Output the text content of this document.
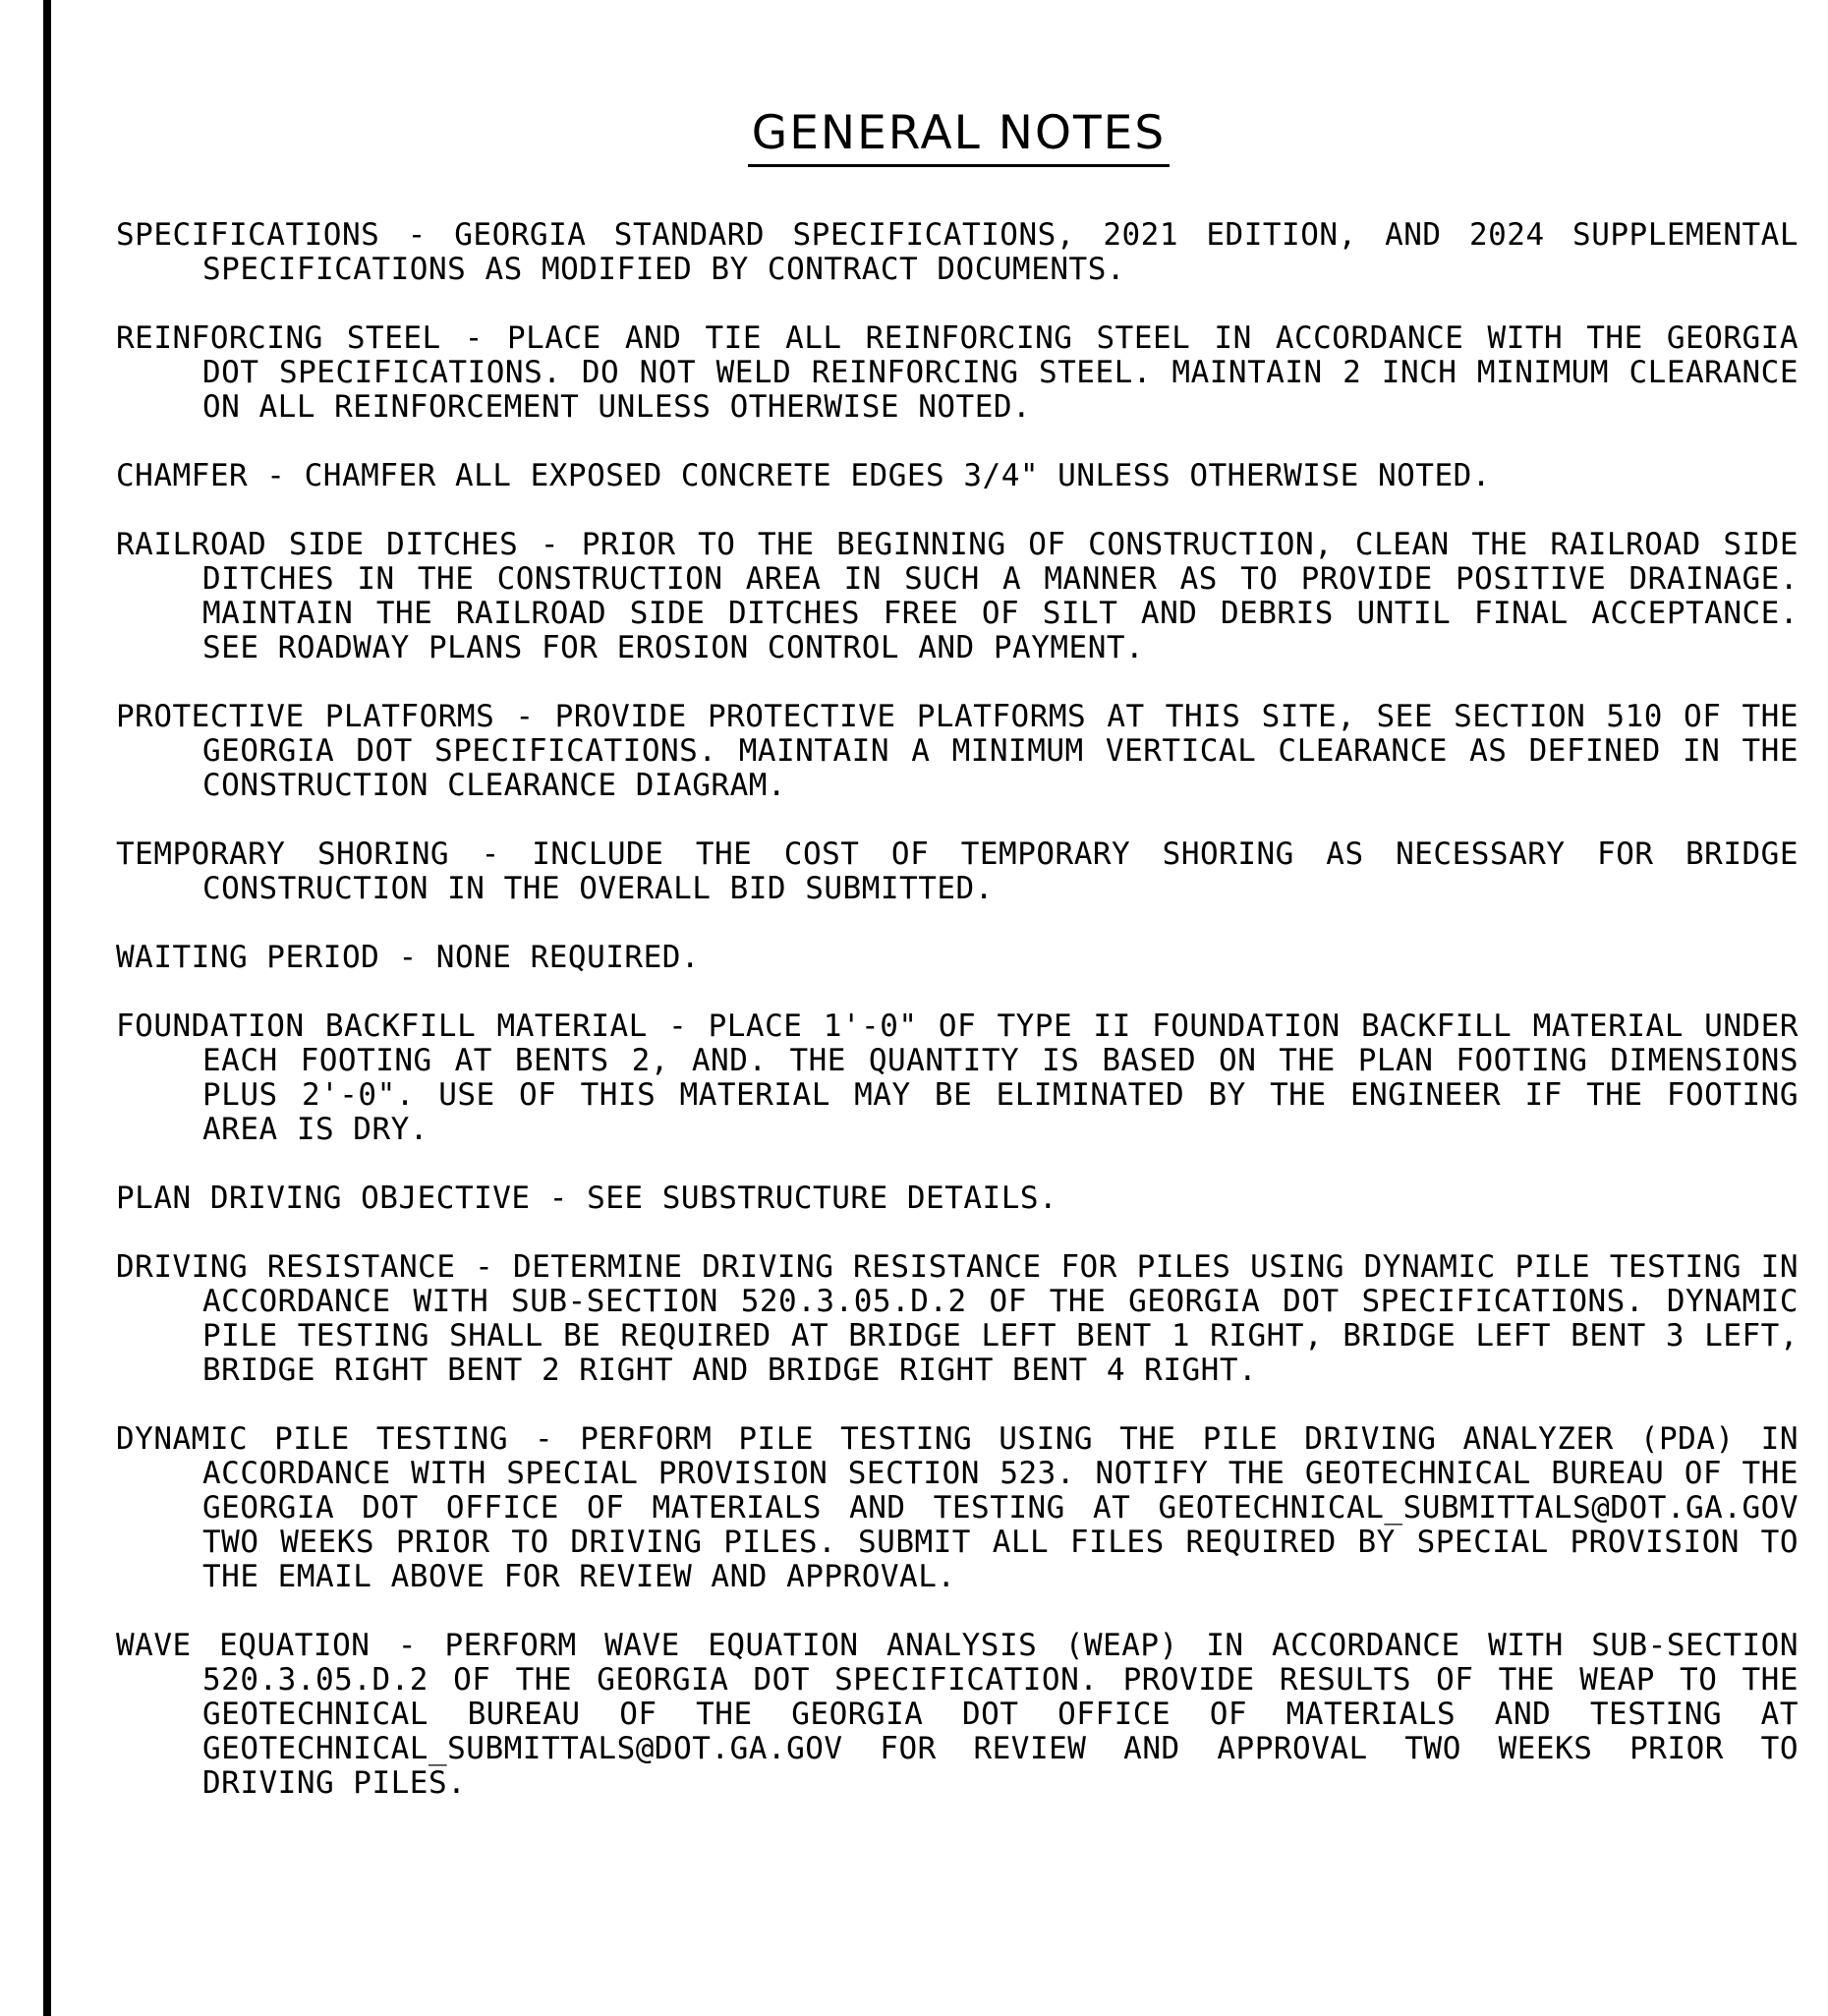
GENERAL NOTES

SPECIFICATIONS - GEORGIA STANDARD SPECIFICATIONS, 2021 EDITION, AND 2024 SUPPLEMENTAL SPECIFICATIONS AS MODIFIED BY CONTRACT DOCUMENTS.

REINFORCING STEEL - PLACE AND TIE ALL REINFORCING STEEL IN ACCORDANCE WITH THE GEORGIA DOT SPECIFICATIONS. DO NOT WELD REINFORCING STEEL. MAINTAIN 2 INCH MINIMUM CLEARANCE ON ALL REINFORCEMENT UNLESS OTHERWISE NOTED.

CHAMFER - CHAMFER ALL EXPOSED CONCRETE EDGES 3/4" UNLESS OTHERWISE NOTED.

RAILROAD SIDE DITCHES - PRIOR TO THE BEGINNING OF CONSTRUCTION, CLEAN THE RAILROAD SIDE DITCHES IN THE CONSTRUCTION AREA IN SUCH A MANNER AS TO PROVIDE POSITIVE DRAINAGE. MAINTAIN THE RAILROAD SIDE DITCHES FREE OF SILT AND DEBRIS UNTIL FINAL ACCEPTANCE. SEE ROADWAY PLANS FOR EROSION CONTROL AND PAYMENT.

PROTECTIVE PLATFORMS - PROVIDE PROTECTIVE PLATFORMS AT THIS SITE, SEE SECTION 510 OF THE GEORGIA DOT SPECIFICATIONS. MAINTAIN A MINIMUM VERTICAL CLEARANCE AS DEFINED IN THE CONSTRUCTION CLEARANCE DIAGRAM.

TEMPORARY SHORING - INCLUDE THE COST OF TEMPORARY SHORING AS NECESSARY FOR BRIDGE CONSTRUCTION IN THE OVERALL BID SUBMITTED.

WAITING PERIOD - NONE REQUIRED.

FOUNDATION BACKFILL MATERIAL - PLACE 1'-0" OF TYPE II FOUNDATION BACKFILL MATERIAL UNDER EACH FOOTING AT BENTS 2, AND. THE QUANTITY IS BASED ON THE PLAN FOOTING DIMENSIONS PLUS 2'-0". USE OF THIS MATERIAL MAY BE ELIMINATED BY THE ENGINEER IF THE FOOTING AREA IS DRY.

PLAN DRIVING OBJECTIVE - SEE SUBSTRUCTURE DETAILS.

DRIVING RESISTANCE - DETERMINE DRIVING RESISTANCE FOR PILES USING DYNAMIC PILE TESTING IN ACCORDANCE WITH SUB-SECTION 520.3.05.D.2 OF THE GEORGIA DOT SPECIFICATIONS. DYNAMIC PILE TESTING SHALL BE REQUIRED AT BRIDGE LEFT BENT 1 RIGHT, BRIDGE LEFT BENT 3 LEFT, BRIDGE RIGHT BENT 2 RIGHT AND BRIDGE RIGHT BENT 4 RIGHT.

DYNAMIC PILE TESTING - PERFORM PILE TESTING USING THE PILE DRIVING ANALYZER (PDA) IN ACCORDANCE WITH SPECIAL PROVISION SECTION 523. NOTIFY THE GEOTECHNICAL BUREAU OF THE GEORGIA DOT OFFICE OF MATERIALS AND TESTING AT GEOTECHNICAL_SUBMITTALS@DOT.GA.GOV TWO WEEKS PRIOR TO DRIVING PILES. SUBMIT ALL FILES REQUIRED BY SPECIAL PROVISION TO THE EMAIL ABOVE FOR REVIEW AND APPROVAL.

WAVE EQUATION - PERFORM WAVE EQUATION ANALYSIS (WEAP) IN ACCORDANCE WITH SUB-SECTION 520.3.05.D.2 OF THE GEORGIA DOT SPECIFICATION. PROVIDE RESULTS OF THE WEAP TO THE GEOTECHNICAL BUREAU OF THE GEORGIA DOT OFFICE OF MATERIALS AND TESTING AT GEOTECHNICAL_SUBMITTALS@DOT.GA.GOV FOR REVIEW AND APPROVAL TWO WEEKS PRIOR TO DRIVING PILES.
